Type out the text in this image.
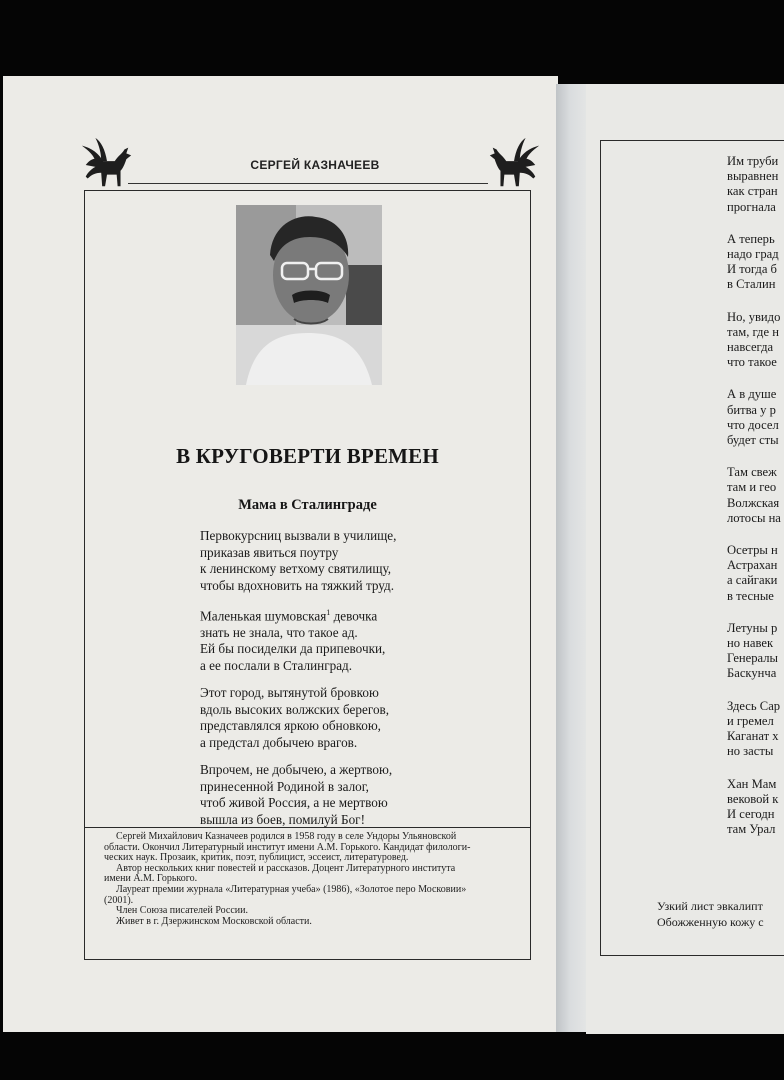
СЕРГЕЙ КАЗНАЧЕЕВ
В КРУГОВЕРТИ ВРЕМЕН
Мама в Сталинграде
Первокурсниц вызвали в училище,
приказав явиться поутру
к ленинскому ветхому святилищу,
чтобы вдохновить на тяжкий труд.
Маленькая шумовская$^1$ девочка
знать не знала, что такое ад.
Ей бы посиделки да припевочки,
а ее послали в Сталинград.
Этот город, вытянутой бровкою
вдоль высоких волжских берегов,
представлялся яркою обновкою,
а предстал добычею врагов.
Впрочем, не добычею, а жертвою,
принесенной Родиной в залог,
чтоб живой Россия, а не мертвою
вышла из боев, помилуй Бог!
Сергей Михайлович Казначеев родился в 1958 году в селе Ундоры Ульяновской
области. Окончил Литературный институт имени А.М. Горького. Кандидат филологи-
ческих наук. Прозаик, критик, поэт, публицист, эссеист, литературовед.
Автор нескольких книг повестей и рассказов. Доцент Литературного института
имени А.М. Горького.
Лауреат премии журнала «Литературная учеба» (1986), «Золотое перо Московии»
(2001).
Член Союза писателей России.
Живет в г. Дзержинском Московской области.
Им труби
выравнен
как стран
прогнала
А теперь
надо град
И тогда б
в Сталин
Но, увидо
там, где н
навсегда
что такое
А в душе
битва у р
что досел
будет сты
Там свеж
там и гео
Волжская
лотосы на
Осетры н
Астрахан
а сайгаки
в тесные
Летуны р
но навек
Генералы
Баскунча
Здесь Сар
и гремел
Каганат х
но засты
Хан Мам
вековой к
И сегодн
там Урал
Узкий лист эвкалипт
Обожженную кожу с
